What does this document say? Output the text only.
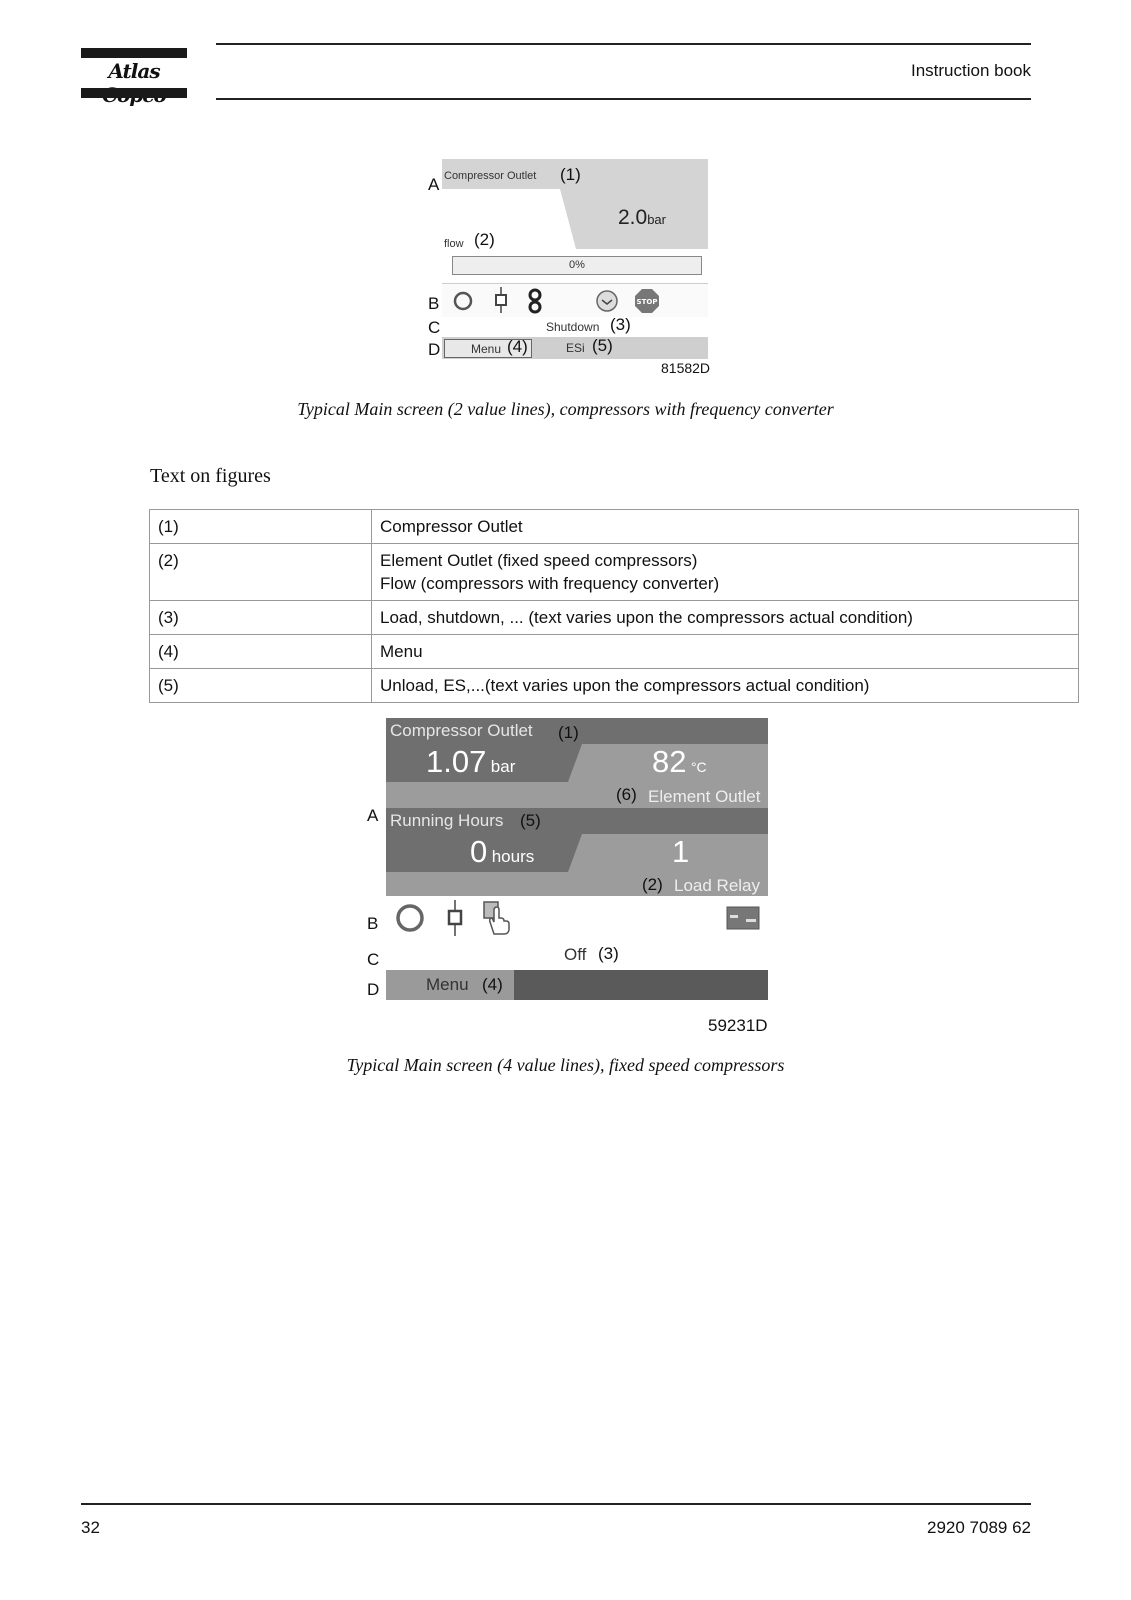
Atlas	Instruction book
A
B
C
D
Compressor Outlet (1)
2.0bar
flow (2)
0%
STOP
Shutdown (3)
Menu (4)	ESi (5)
81582D
Typical Main screen (2 value lines), compressors with frequency converter
Text on figures
(1)	Compressor Outlet

(2)	Element Outlet (fixed speed compressors)
Flow (compressors with frequency converter)

(3)	Load, shutdown, ... (text varies upon the compressors actual condition)

(4)	Menu

(5)	Unload, ES,...(text varies upon the compressors actual condition)
A
B
C
D
Compressor Outlet (1)
1.07 bar	82 °C
(6) Element Outlet
Running Hours (5)
0 hours	1
(2) Load Relay
Off (3)
Menu (4)
59231D
Typical Main screen (4 value lines), fixed speed compressors
32	2920 7089 62
